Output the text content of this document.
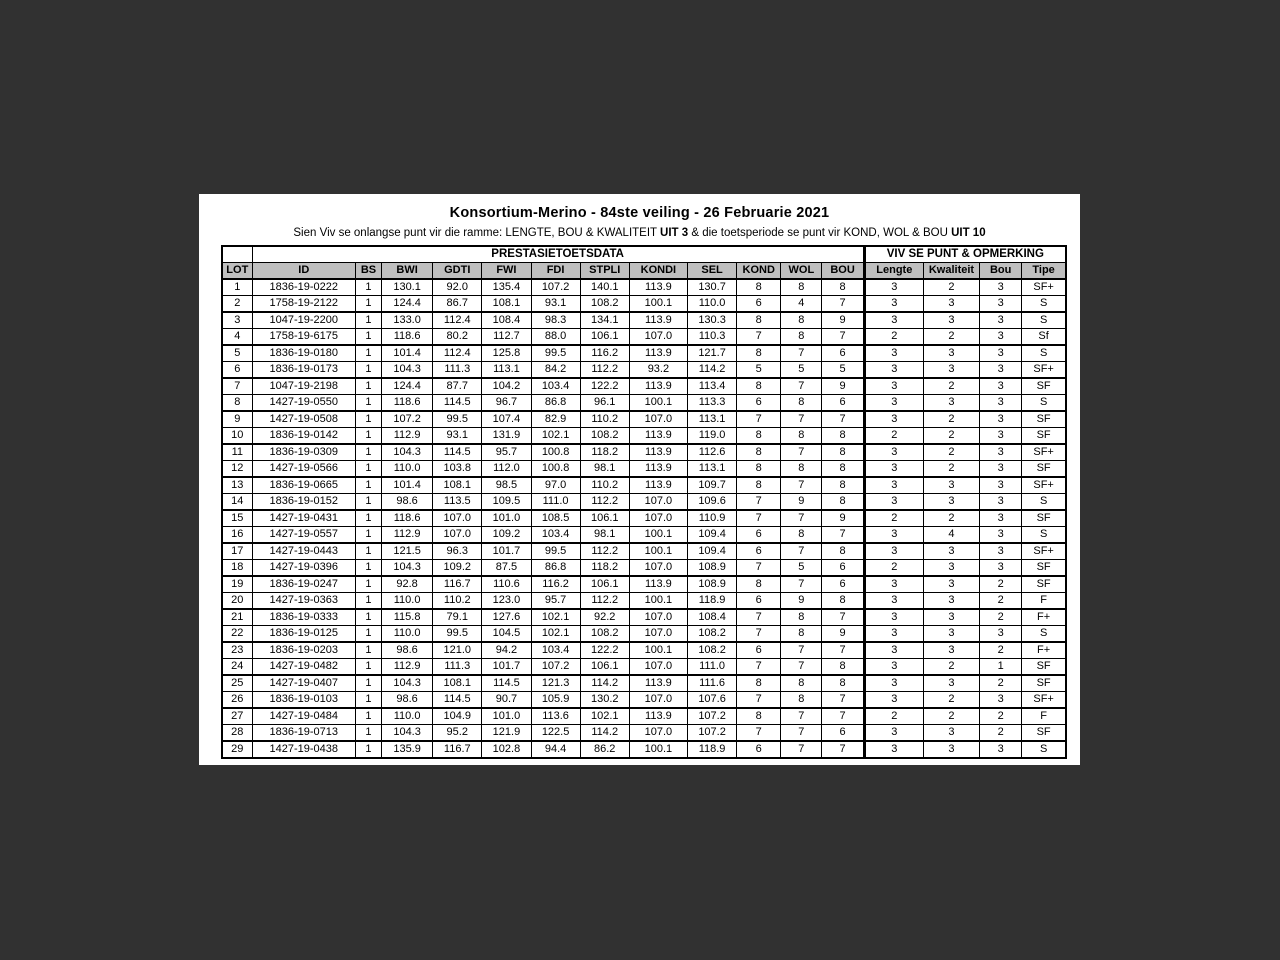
Konsortium-Merino - 84ste veiling - 26 Februarie 2021
Sien Viv se onlangse punt vir die ramme: LENGTE, BOU & KWALITEIT UIT 3 & die toetsperiode se punt vir KOND, WOL & BOU UIT 10
	PRESTASIETOETSDATA												VIV SE PUNT & OPMERKING			
LOT	ID	BS	BWI	GDTI	FWI	FDI	STPLI	KONDI	SEL	KOND	WOL	BOU	Lengte	Kwaliteit	Bou	Tipe
1	1836-19-0222	1	130.1	92.0	135.4	107.2	140.1	113.9	130.7	8	8	8	3	2	3	SF+
2	1758-19-2122	1	124.4	86.7	108.1	93.1	108.2	100.1	110.0	6	4	7	3	3	3	S
3	1047-19-2200	1	133.0	112.4	108.4	98.3	134.1	113.9	130.3	8	8	9	3	3	3	S
4	1758-19-6175	1	118.6	80.2	112.7	88.0	106.1	107.0	110.3	7	8	7	2	2	3	Sf
5	1836-19-0180	1	101.4	112.4	125.8	99.5	116.2	113.9	121.7	8	7	6	3	3	3	S
6	1836-19-0173	1	104.3	111.3	113.1	84.2	112.2	93.2	114.2	5	5	5	3	3	3	SF+
7	1047-19-2198	1	124.4	87.7	104.2	103.4	122.2	113.9	113.4	8	7	9	3	2	3	SF
8	1427-19-0550	1	118.6	114.5	96.7	86.8	96.1	100.1	113.3	6	8	6	3	3	3	S
9	1427-19-0508	1	107.2	99.5	107.4	82.9	110.2	107.0	113.1	7	7	7	3	2	3	SF
10	1836-19-0142	1	112.9	93.1	131.9	102.1	108.2	113.9	119.0	8	8	8	2	2	3	SF
11	1836-19-0309	1	104.3	114.5	95.7	100.8	118.2	113.9	112.6	8	7	8	3	2	3	SF+
12	1427-19-0566	1	110.0	103.8	112.0	100.8	98.1	113.9	113.1	8	8	8	3	2	3	SF
13	1836-19-0665	1	101.4	108.1	98.5	97.0	110.2	113.9	109.7	8	7	8	3	3	3	SF+
14	1836-19-0152	1	98.6	113.5	109.5	111.0	112.2	107.0	109.6	7	9	8	3	3	3	S
15	1427-19-0431	1	118.6	107.0	101.0	108.5	106.1	107.0	110.9	7	7	9	2	2	3	SF
16	1427-19-0557	1	112.9	107.0	109.2	103.4	98.1	100.1	109.4	6	8	7	3	4	3	S
17	1427-19-0443	1	121.5	96.3	101.7	99.5	112.2	100.1	109.4	6	7	8	3	3	3	SF+
18	1427-19-0396	1	104.3	109.2	87.5	86.8	118.2	107.0	108.9	7	5	6	2	3	3	SF
19	1836-19-0247	1	92.8	116.7	110.6	116.2	106.1	113.9	108.9	8	7	6	3	3	2	SF
20	1427-19-0363	1	110.0	110.2	123.0	95.7	112.2	100.1	118.9	6	9	8	3	3	2	F
21	1836-19-0333	1	115.8	79.1	127.6	102.1	92.2	107.0	108.4	7	8	7	3	3	2	F+
22	1836-19-0125	1	110.0	99.5	104.5	102.1	108.2	107.0	108.2	7	8	9	3	3	3	S
23	1836-19-0203	1	98.6	121.0	94.2	103.4	122.2	100.1	108.2	6	7	7	3	3	2	F+
24	1427-19-0482	1	112.9	111.3	101.7	107.2	106.1	107.0	111.0	7	7	8	3	2	1	SF
25	1427-19-0407	1	104.3	108.1	114.5	121.3	114.2	113.9	111.6	8	8	8	3	3	2	SF
26	1836-19-0103	1	98.6	114.5	90.7	105.9	130.2	107.0	107.6	7	8	7	3	2	3	SF+
27	1427-19-0484	1	110.0	104.9	101.0	113.6	102.1	113.9	107.2	8	7	7	2	2	2	F
28	1836-19-0713	1	104.3	95.2	121.9	122.5	114.2	107.0	107.2	7	7	6	3	3	2	SF
29	1427-19-0438	1	135.9	116.7	102.8	94.4	86.2	100.1	118.9	6	7	7	3	3	3	S
